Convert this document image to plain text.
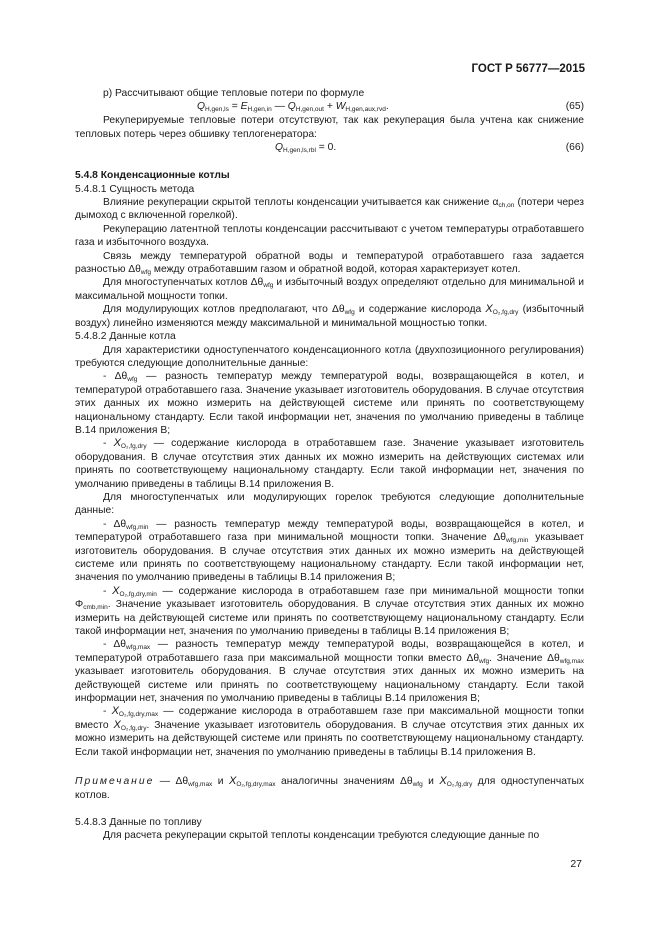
ГОСТ Р 56777—2015

р) Рассчитывают общие тепловые потери по формуле

$Q_{H,gen,ls} = E_{H,gen,in}$ — $Q_{H,gen,out} + W_{H,gen,aux,rvd}$.	(65)

Рекуперируемые тепловые потери отсутствуют, так как рекуперация была учтена как снижение тепловых потерь через обшивку теплогенератора:

$Q_{H,gen,ls,rbl} = 0$.	(66)

5.4.8 Конденсационные котлы

5.4.8.1 Сущность метода

Влияние рекуперации скрытой теплоты конденсации учитывается как снижение $\alpha_{ch,on}$ (потери через дымоход с включенной горелкой).

Рекуперацию латентной теплоты конденсации рассчитывают с учетом температуры отработавшего газа и избыточного воздуха.

Связь между температурой обратной воды и температурой отработавшего газа задается разностью $\Delta\theta_{wfg}$ между отработавшим газом и обратной водой, которая характеризует котел.

Для многоступенчатых котлов $\Delta\theta_{wfg}$ и избыточный воздух определяют отдельно для минимальной и максимальной мощности топки.

Для модулирующих котлов предполагают, что $\Delta\theta_{wfg}$ и содержание кислорода $X_{O_2,fg,dry}$ (избыточный воздух) линейно изменяются между максимальной и минимальной мощностью топки.

5.4.8.2 Данные котла

Для характеристики одноступенчатого конденсационного котла (двухпозиционного регулирования) требуются следующие дополнительные данные:

- $\Delta\theta_{wfg}$ — разность температур между температурой воды, возвращающейся в котел, и температурой отработавшего газа. Значение указывает изготовитель оборудования. В случае отсутствия этих данных их можно измерить на действующей системе или принять по соответствующему национальному стандарту. Если такой информации нет, значения по умолчанию приведены в таблице В.14 приложения В;

- $X_{O_2,fg,dry}$ — содержание кислорода в отработавшем газе. Значение указывает изготовитель оборудования. В случае отсутствия этих данных их можно измерить на действующих системах или принять по соответствующему национальному стандарту. Если такой информации нет, значения по умолчанию приведены в таблицы В.14 приложения В.

Для многоступенчатых или модулирующих горелок требуются следующие дополнительные данные:

- $\Delta\theta_{wfg,min}$ — разность температур между температурой воды, возвращающейся в котел, и температурой отработавшего газа при минимальной мощности топки. Значение $\Delta\theta_{wfg,min}$ указывает изготовитель оборудования. В случае отсутствия этих данных их можно измерить на действующей системе или принять по соответствующему национальному стандарту. Если такой информации нет, значения по умолчанию приведены в таблицы В.14 приложения В;

- $X_{O_2,fg,dry,min}$ — содержание кислорода в отработавшем газе при минимальной мощности топки $\Phi_{cmb,min}$. Значение указывает изготовитель оборудования. В случае отсутствия этих данных их можно измерить на действующей системе или принять по соответствующему национальному стандарту. Если такой информации нет, значения по умолчанию приведены в таблицы В.14 приложения В;

- $\Delta\theta_{wfg,max}$ — разность температур между температурой воды, возвращающейся в котел, и температурой отработавшего газа при максимальной мощности топки вместо $\Delta\theta_{wfg}$. Значение $\Delta\theta_{wfg,max}$ указывает изготовитель оборудования. В случае отсутствия этих данных их можно измерить на действующей системе или принять по соответствующему национальному стандарту. Если такой информации нет, значения по умолчанию приведены в таблицы В.14 приложения В;

- $X_{O_2,fg,dry,max}$ — содержание кислорода в отработавшем газе при максимальной мощности топки вместо $X_{O_2,fg,dry}$. Значение указывает изготовитель оборудования. В случае отсутствия этих данных их можно измерить на действующей системе или принять по соответствующему национальному стандарту. Если такой информации нет, значения по умолчанию приведены в таблицы В.14 приложения В.

Примечание — $\Delta\theta_{wfg,max}$ и $X_{O_2,fg,dry,max}$ аналогичны значениям $\Delta\theta_{wfg}$ и $X_{O_2,fg,dry}$ для одноступенчатых котлов.

5.4.8.3 Данные по топливу

Для расчета рекуперации скрытой теплоты конденсации требуются следующие данные по

27
